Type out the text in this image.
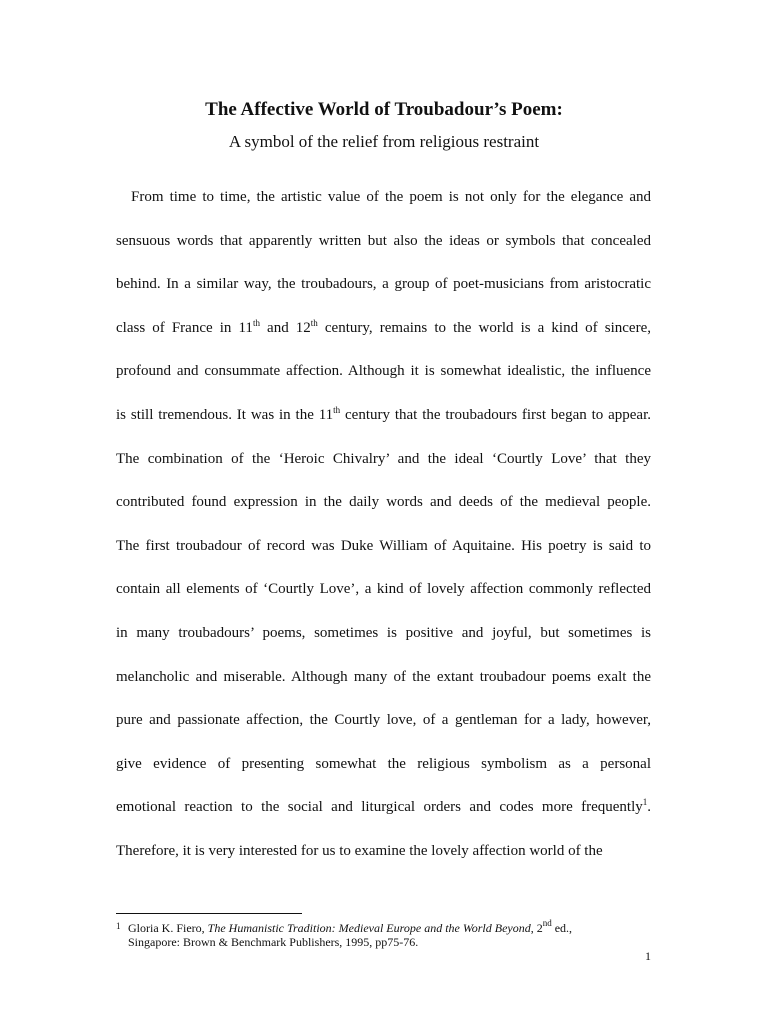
The Affective World of Troubadour’s Poem:
A symbol of the relief from religious restraint
From time to time, the artistic value of the poem is not only for the elegance and
sensuous words that apparently written but also the ideas or symbols that concealed
behind. In a similar way, the troubadours, a group of poet-musicians from aristocratic
class of France in 11th and 12th century, remains to the world is a kind of sincere,
profound and consummate affection. Although it is somewhat idealistic, the influence
is still tremendous. It was in the 11th century that the troubadours first began to appear.
The combination of the ‘Heroic Chivalry’ and the ideal ‘Courtly Love’ that they
contributed found expression in the daily words and deeds of the medieval people.
The first troubadour of record was Duke William of Aquitaine. His poetry is said to
contain all elements of ‘Courtly Love’, a kind of lovely affection commonly reflected
in many troubadours’ poems, sometimes is positive and joyful, but sometimes is
melancholic and miserable. Although many of the extant troubadour poems exalt the
pure and passionate affection, the Courtly love, of a gentleman for a lady, however,
give evidence of presenting somewhat the religious symbolism as a personal
emotional reaction to the social and liturgical orders and codes more frequently$^1$.
Therefore, it is very interested for us to examine the lovely affection world of the
1 Gloria K. Fiero, The Humanistic Tradition: Medieval Europe and the World Beyond, 2nd ed.,
Singapore: Brown & Benchmark Publishers, 1995, pp75-76.
1
